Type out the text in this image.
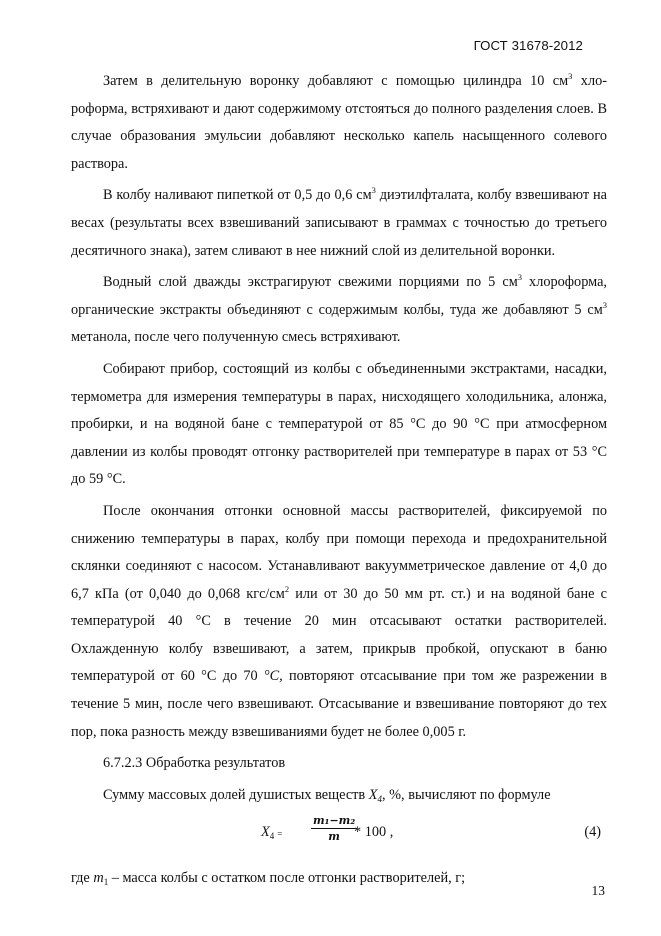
ГОСТ 31678-2012

Затем в делительную воронку добавляют с помощью цилиндра 10 $см^3$ хлороформа, встряхивают и дают содержимому отстояться до полного разделения слоев. В случае образования эмульсии добавляют несколько капель насыщенного солевого раствора.

В колбу наливают пипеткой от 0,5 до 0,6 $см^3$ диэтилфталата, колбу взвешивают на весах (результаты всех взвешиваний записывают в граммах с точностью до третьего десятичного знака), затем сливают в нее нижний слой из делительной воронки.

Водный слой дважды экстрагируют свежими порциями по 5 $см^3$ хлороформа, органические экстракты объединяют с содержимым колбы, туда же добавляют 5 $см^3$ метанола, после чего полученную смесь встряхивают.

Собирают прибор, состоящий из колбы с объединенными экстрактами, насадки, термометра для измерения температуры в парах, нисходящего холодильника, алонжа, пробирки, и на водяной бане с температурой от 85 °С до 90 °С при атмосферном давлении из колбы проводят отгонку растворителей при температуре в парах от 53 °С до 59 °С.

После окончания отгонки основной массы растворителей, фиксируемой по снижению температуры в парах, колбу при помощи перехода и предохранительной склянки соединяют с насосом. Устанавливают вакуумметрическое давление от 4,0 до 6,7 кПа (от 0,040 до 0,068 кгс/$см^2$ или от 30 до 50 мм рт. ст.) и на водяной бане с температурой 40 °С в течение 20 мин отсасывают остатки растворителей. Охлажденную колбу взвешивают, а затем, прикрыв пробкой, опускают в баню температурой от 60 °С до 70 °С, повторяют отсасывание при том же разрежении в течение 5 мин, после чего взвешивают. Отсасывание и взвешивание повторяют до тех пор, пока разность между взвешиваниями будет не более 0,005 г.

6.7.2.3 Обработка результатов

Сумму массовых долей душистых веществ $X_4$, %, вычисляют по формуле

$X_4$ =	$\frac{\text{m₁−m₂}}{m}$
* 100 ,	(4)

где $m_1$ – масса колбы с остатком после отгонки растворителей, г;

13
